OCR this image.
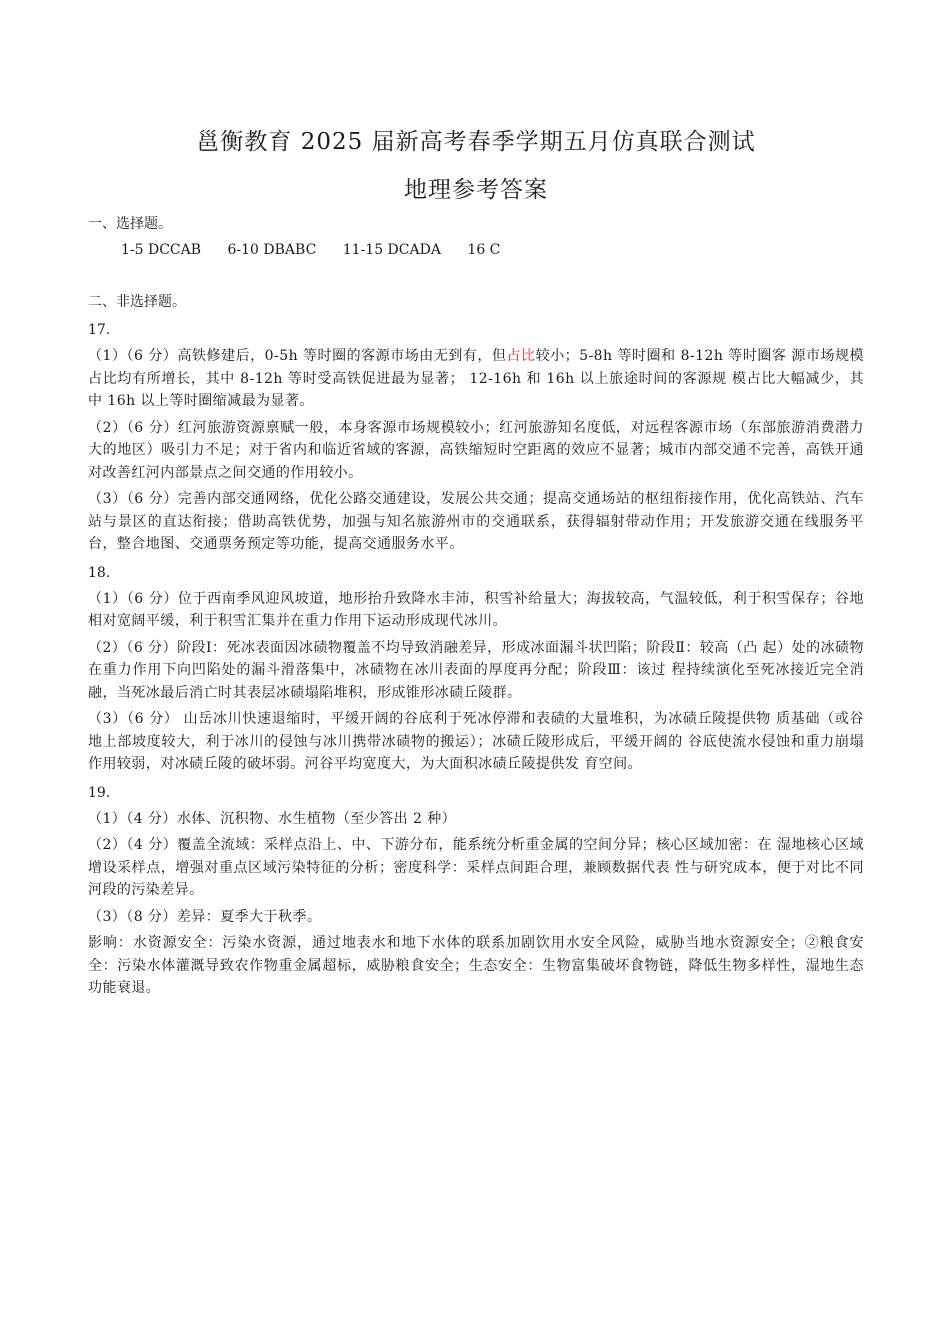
邕衡教育 2025 届新高考春季学期五月仿真联合测试
地理参考答案
一、选择题。
1-5 DCCAB 6-10 DBABC 11-15 DCADA 16 C
二、非选择题。
17.
（1）（6 分）高铁修建后，0-5h 等时圈的客源市场由无到有，但占比较小；5-8h 等时圈和 8-12h 等时圈客 源市场规模占比均有所增长，其中 8-12h 等时受高铁促进最为显著； 12-16h 和 16h 以上旅途时间的客源规 模占比大幅减少，其中 16h 以上等时圈缩减最为显著。
（2）（6 分）红河旅游资源禀赋一般，本身客源市场规模较小；红河旅游知名度低，对远程客源市场（东部旅游消费潜力大的地区）吸引力不足；对于省内和临近省域的客源，高铁缩短时空距离的效应不显著；城市内部交通不完善，高铁开通对改善红河内部景点之间交通的作用较小。
（3）（6 分）完善内部交通网络，优化公路交通建设，发展公共交通；提高交通场站的枢纽衔接作用，优化高铁站、汽车站与景区的直达衔接；借助高铁优势，加强与知名旅游州市的交通联系，获得辐射带动作用；开发旅游交通在线服务平台，整合地图、交通票务预定等功能，提高交通服务水平。
18.
（1）（6 分）位于西南季风迎风坡道，地形抬升致降水丰沛，积雪补给量大；海拔较高，气温较低，利于积雪保存；谷地相对宽阔平缓，利于积雪汇集并在重力作用下运动形成现代冰川。
（2）（6 分）阶段Ⅰ：死冰表面因冰碛物覆盖不均导致消融差异，形成冰面漏斗状凹陷；阶段Ⅱ：较高（凸 起）处的冰碛物在重力作用下向凹陷处的漏斗滑落集中，冰碛物在冰川表面的厚度再分配；阶段Ⅲ：该过 程持续演化至死冰接近完全消融，当死冰最后消亡时其表层冰碛塌陷堆积，形成锥形冰碛丘陵群。
（3）（6 分） 山岳冰川快速退缩时，平缓开阔的谷底利于死冰停滞和表碛的大量堆积，为冰碛丘陵提供物 质基础（或谷地上部坡度较大，利于冰川的侵蚀与冰川携带冰碛物的搬运）；冰碛丘陵形成后，平缓开阔的 谷底使流水侵蚀和重力崩塌作用较弱，对冰碛丘陵的破坏弱。河谷平均宽度大，为大面积冰碛丘陵提供发 育空间。
19.
（1）（4 分）水体、沉积物、水生植物（至少答出 2 种）
（2）（4 分）覆盖全流域：采样点沿上、中、下游分布，能系统分析重金属的空间分异；核心区域加密：在 湿地核心区域增设采样点，增强对重点区域污染特征的分析；密度科学：采样点间距合理，兼顾数据代表 性与研究成本，便于对比不同河段的污染差异。
（3）（8 分）差异：夏季大于秋季。
影响：水资源安全：污染水资源，通过地表水和地下水体的联系加剧饮用水安全风险，威胁当地水资源安全；②粮食安全：污染水体灌溉导致农作物重金属超标，威胁粮食安全；生态安全：生物富集破坏食物链，降低生物多样性，湿地生态功能衰退。
